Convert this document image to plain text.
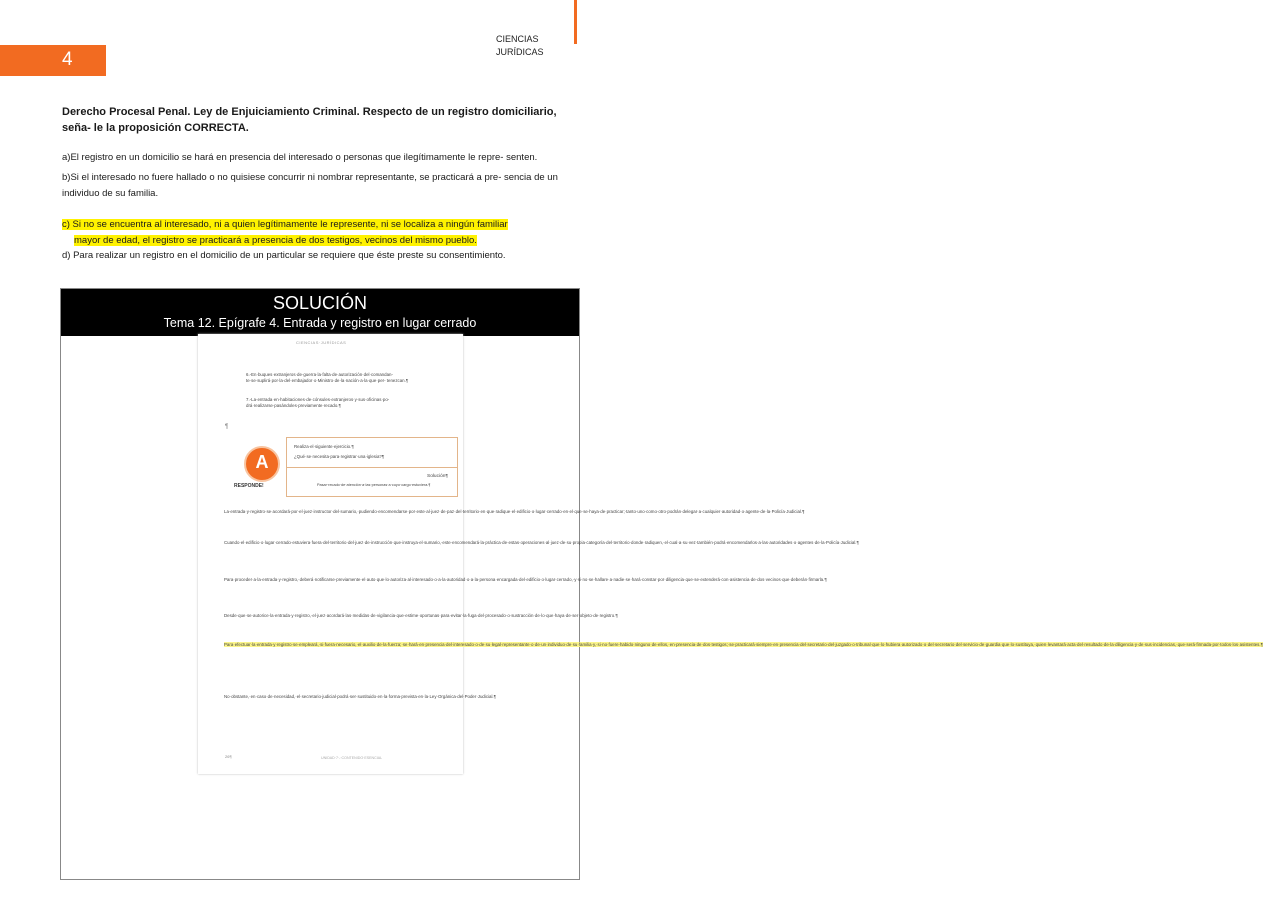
CIENCIAS
JURÍDICAS
4
Derecho Procesal Penal. Ley de Enjuiciamiento Criminal. Respecto de un registro domiciliario, seña- le la proposición CORRECTA.
a)El registro en un domicilio se hará en presencia del interesado o personas que ilegítimamente le repre- senten.
b)Si el interesado no fuere hallado o no quisiese concurrir ni nombrar representante, se practicará a pre- sencia de un individuo de su familia.
c) Si no se encuentra al interesado, ni a quien legítimamente le represente, ni se localiza a ningún familiar
mayor de edad, el registro se practicará a presencia de dos testigos, vecinos del mismo pueblo.
d) Para realizar un registro en el domicilio de un particular se requiere que éste preste su consentimiento.
SOLUCIÓN
Tema 12. Epígrafe 4. Entrada y registro en lugar cerrado
CIENCIAS·JURÍDICAS
6.-En·buques·extranjeros·de·guerra·la·falta·de·autorización·del·comandan- te·se·suplirá·por·la·del·embajador·o·Ministro·de·la·nación·a·la·que·per- tenezcan.¶
7.-La·entrada·en·habitaciones·de·cónsules·extranjeros·y·sus·oficinas·po- drá·realizarse·pasándoles·previamente·recado.¶
¶
Realiza·el·siguiente·ejercicio.¶
¿Qué·se·necesita·para·registrar·una·iglesia?¶
Solución¶
Pasar·recado·de·atención·a·las·personas·a·cuyo·cargo·estuviera.¶
A
RESPONDE!
La·entrada·y·registro·se·acordará·por·el·juez·instructor·del·sumario,·pudiendo·encomendarse·por·este·al·juez·de·paz·del·territorio·en·que·radique·el·edificio·o·lugar·cerrado·en·el·que·se·haya·de·practicar;·tanto·uno·como·otro·podrán·delegar·a·cualquier·autoridad·o·agente·de·la·Policía·Judicial.¶
Cuando·el·edificio·o·lugar·cerrado·estuviera·fuera·del·territorio·del·juez·de·instrucción·que·instruya·el·sumario,·este·encomendará·la·práctica·de·estas·operaciones·al·juez·de·su·propia·categoría·del·territorio·donde·radiquen,·el·cual·a·su·vez·también·podrá·encomendarlos·a·las·autoridades·o·agentes·de·la·Policía·Judicial.¶
Para·proceder·a·la·entrada·y·registro,·deberá·notificarse·previamente·el·auto·que·lo·autoriza·al·interesado·o·a·la·autoridad·o·a·la·persona·encargada·del·edificio·o·lugar·cerrado,·y·si·no·se·hallare·a·nadie·se·hará·constar·por·diligencia·que·se·extenderá·con·asistencia·de·dos·vecinos·que·deberán·firmarla.¶
Desde·que·se·autorice·la·entrada·y·registro,·el·juez·acordará·las·medidas·de·vigilancia·que·estime·oportunas·para·evitar·la·fuga·del·procesado·o·sustracción·de·lo·que·haya·de·ser·objeto·de·registro.¶
Para·efectuar·la·entrada·y·registro·se·empleará,·si·fuera·necesario,·el·auxilio·de·la·fuerza;·se·hará·en·presencia·del·interesado·o·de·su·legal·representante·o·de·un·individuo·de·su·familia·y,·si·no·fuere·habido·ninguno·de·ellos,·en·presencia·de·dos·testigos;·se·practicará·siempre·en·presencia·del·secretario·del·juzgado·o·tribunal·que·lo·hubiera·autorizado·o·del·secretario·del·servicio·de·guardia·que·lo·sustituya,·quien·levantará·acta·del·resultado·de·la·diligencia·y·de·sus·incidencias,·que·será·firmada·por·todos·los·asistentes.¶
No·obstante,·en·caso·de·necesidad,·el·secretario·judicial·podrá·ser·sustituido·en·la·forma·prevista·en·la·Ley·Orgánica·del·Poder·Judicial.¶
26¶	UNIDAD·7·-·CONTENIDO·ESENCIAL
